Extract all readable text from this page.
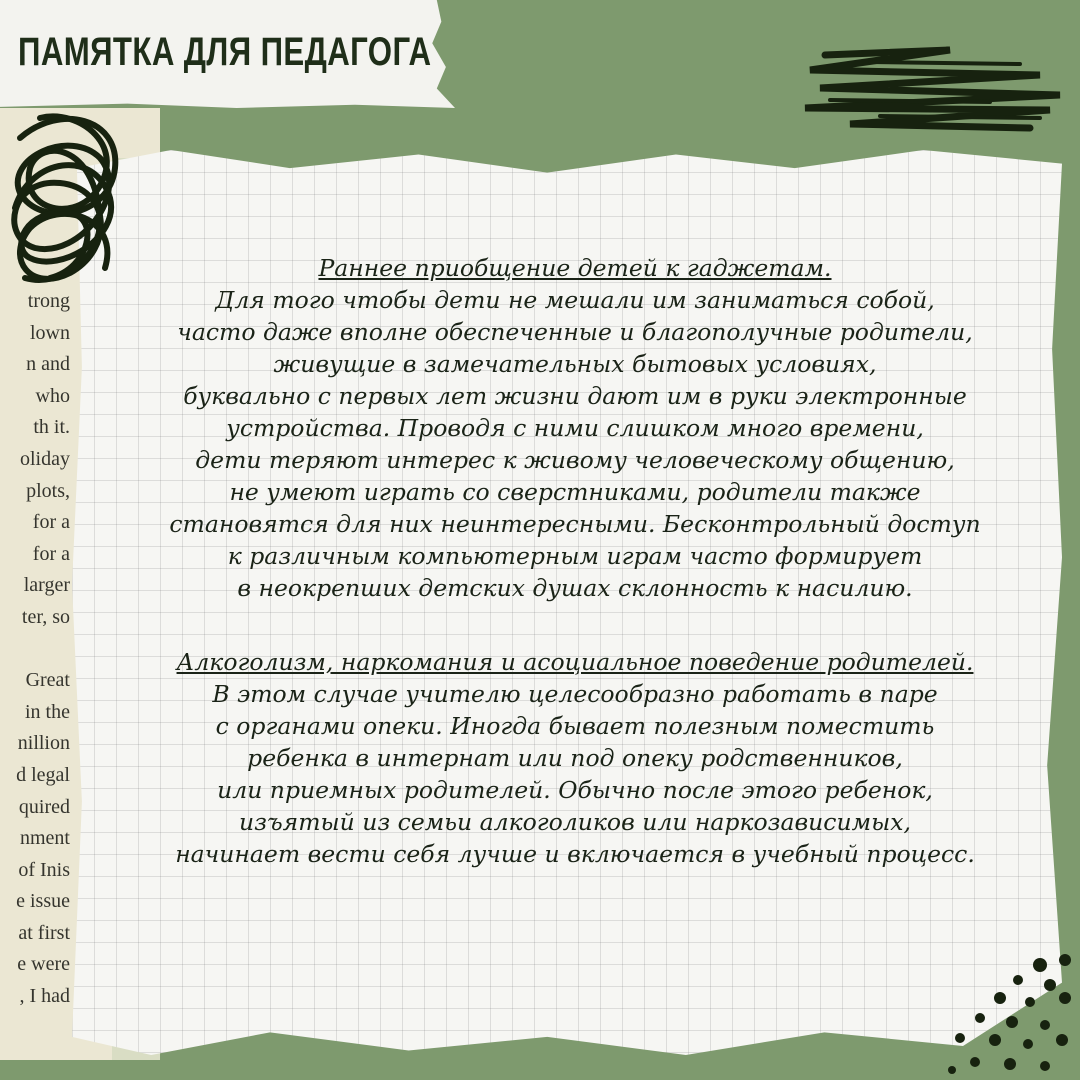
trong
lown
n and
who
th it.
oliday
plots,
for a
for a
larger
ter, so
Great
in the
nillion
d legal
quired
nment
of Inis
e issue
at first
e were
, I had
ПАМЯТКА ДЛЯ ПЕДАГОГА
Раннее приобщение детей к гаджетам.
Для того чтобы дети не мешали им заниматься собой,
часто даже вполне обеспеченные и благополучные родители,
живущие в замечательных бытовых условиях,
буквально с первых лет жизни дают им в руки электронные
устройства. Проводя с ними слишком много времени,
дети теряют интерес к живому человеческому общению,
не умеют играть со сверстниками, родители также
становятся для них неинтересными. Бесконтрольный доступ
к различным компьютерным играм часто формирует
в неокрепших детских душах склонность к насилию.
Алкоголизм, наркомания и асоциальное поведение родителей.
В этом случае учителю целесообразно работать в паре
с органами опеки. Иногда бывает полезным поместить
ребенка в интернат или под опеку родственников,
или приемных родителей. Обычно после этого ребенок,
изъятый из семьи алкоголиков или наркозависимых,
начинает вести себя лучше и включается в учебный процесс.
